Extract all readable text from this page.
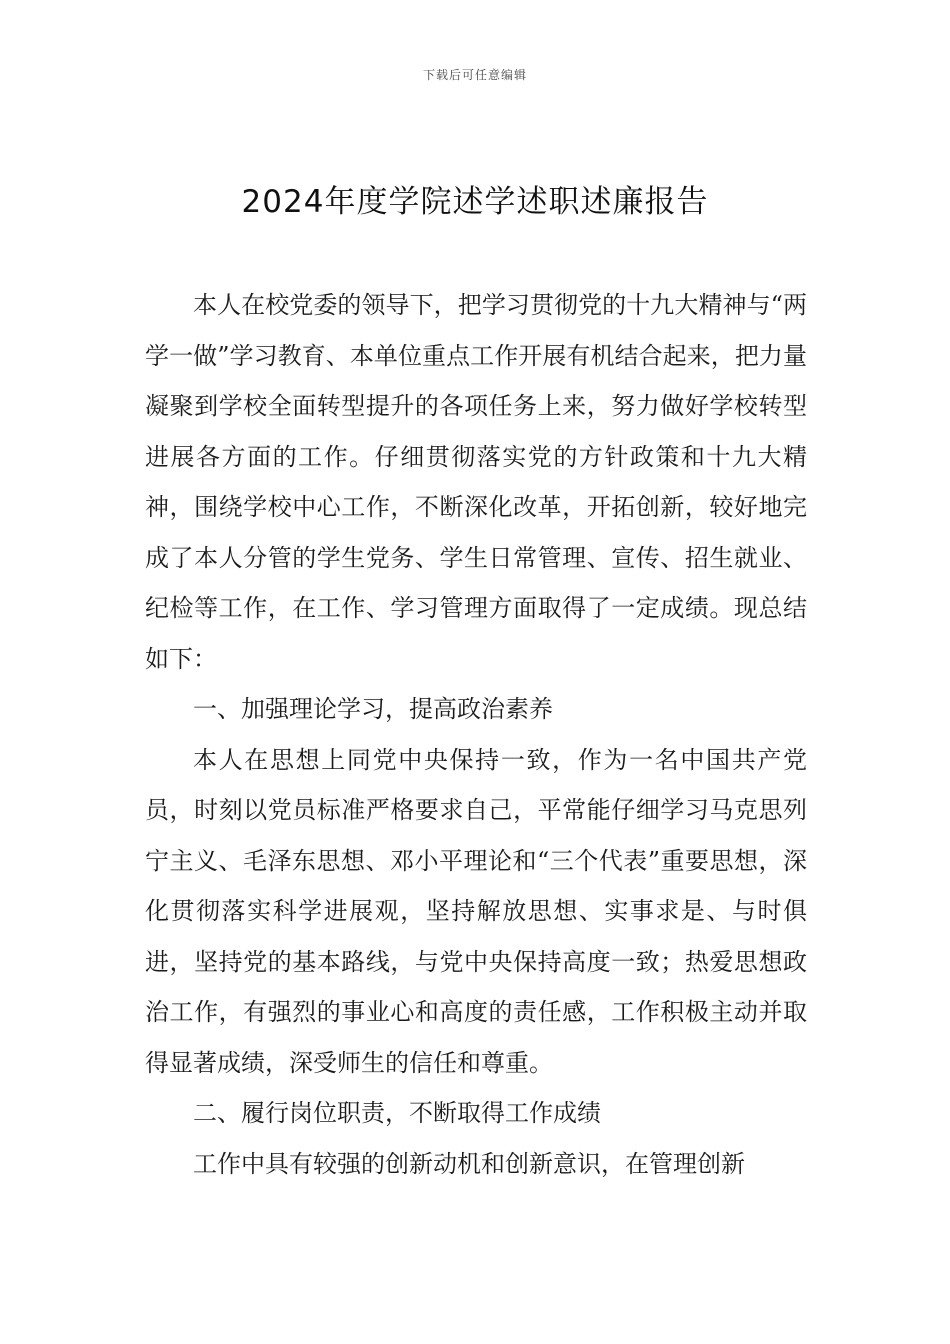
下载后可任意编辑
2024年度学院述学述职述廉报告

本人在校党委的领导下，把学习贯彻党的十九大精神与“两学一做”学习教育、本单位重点工作开展有机结合起来，把力量凝聚到学校全面转型提升的各项任务上来，努力做好学校转型进展各方面的工作。仔细贯彻落实党的方针政策和十九大精神，围绕学校中心工作，不断深化改革，开拓创新，较好地完成了本人分管的学生党务、学生日常管理、宣传、招生就业、纪检等工作，在工作、学习管理方面取得了一定成绩。现总结如下：

一、加强理论学习，提高政治素养

本人在思想上同党中央保持一致，作为一名中国共产党员，时刻以党员标准严格要求自己，平常能仔细学习马克思列宁主义、毛泽东思想、邓小平理论和“三个代表”重要思想，深化贯彻落实科学进展观，坚持解放思想、实事求是、与时俱进，坚持党的基本路线，与党中央保持高度一致；热爱思想政治工作，有强烈的事业心和高度的责任感，工作积极主动并取得显著成绩，深受师生的信任和尊重。

二、履行岗位职责，不断取得工作成绩

工作中具有较强的创新动机和创新意识，在管理创新
